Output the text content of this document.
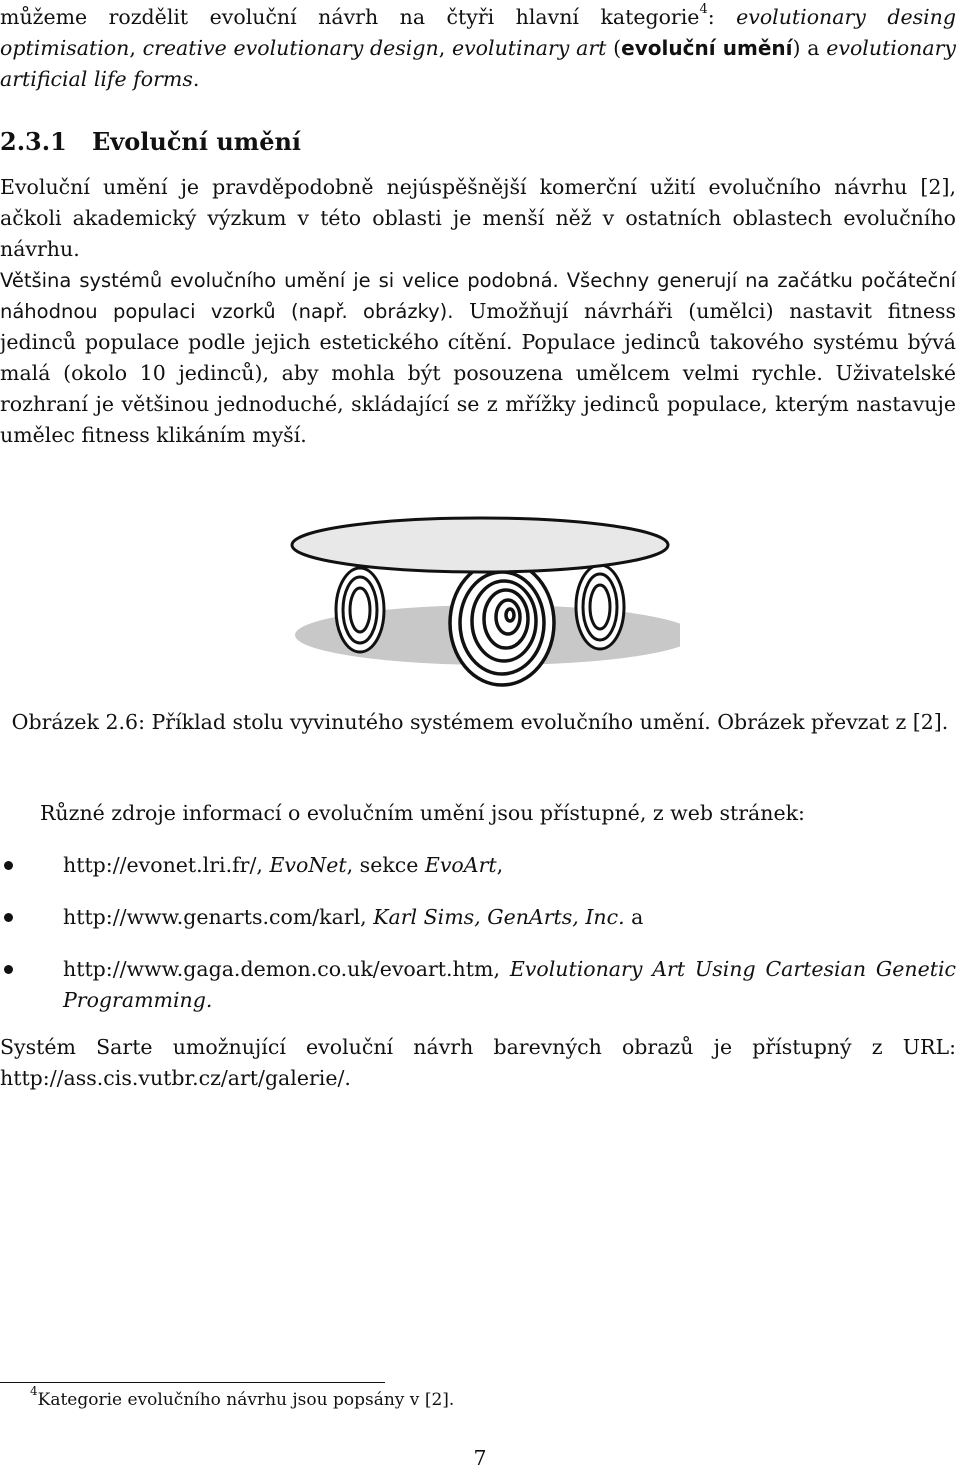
můžeme rozdělit evoluční návrh na čtyři hlavní kategorie$^4$: evolutionary desing optimisation, creative evolutionary design, evolutinary art (evoluční umění) a evolutionary artificial life forms.

2.3.1 Evoluční umění

Evoluční umění je pravděpodobně nejúspěšnější komerční užití evolučního návrhu [2], ačkoli akademický výzkum v této oblasti je menší něž v ostatních oblastech evolučního návrhu.

Většina systémů evolučního umění je si velice podobná. Všechny generují na začátku počáteční náhodnou populaci vzorků (např. obrázky). Umožňují návrháři (umělci) nastavit fitness jedinců populace podle jejich estetického cítění. Populace jedinců takového systému bývá malá (okolo 10 jedinců), aby mohla být posouzena umělcem velmi rychle. Uživatelské rozhraní je většinou jednoduché, skládající se z mřížky jedinců populace, kterým nastavuje umělec fitness klikáním myší.

Obrázek 2.6: Příklad stolu vyvinutého systémem evolučního umění. Obrázek převzat z [2].
Různé zdroje informací o evolučním umění jsou přístupné, z web stránek:
http://evonet.lri.fr/, EvoNet, sekce EvoArt,
http://www.genarts.com/karl, Karl Sims, GenArts, Inc. a
http://www.gaga.demon.co.uk/evoart.htm, Evolutionary Art Using Cartesian Genetic Programming.

Systém Sarte umožnující evoluční návrh barevných obrazů je přístupný z URL: http://ass.cis.vutbr.cz/art/galerie/.

$^4$Kategorie evolučního návrhu jsou popsány v [2].
7
